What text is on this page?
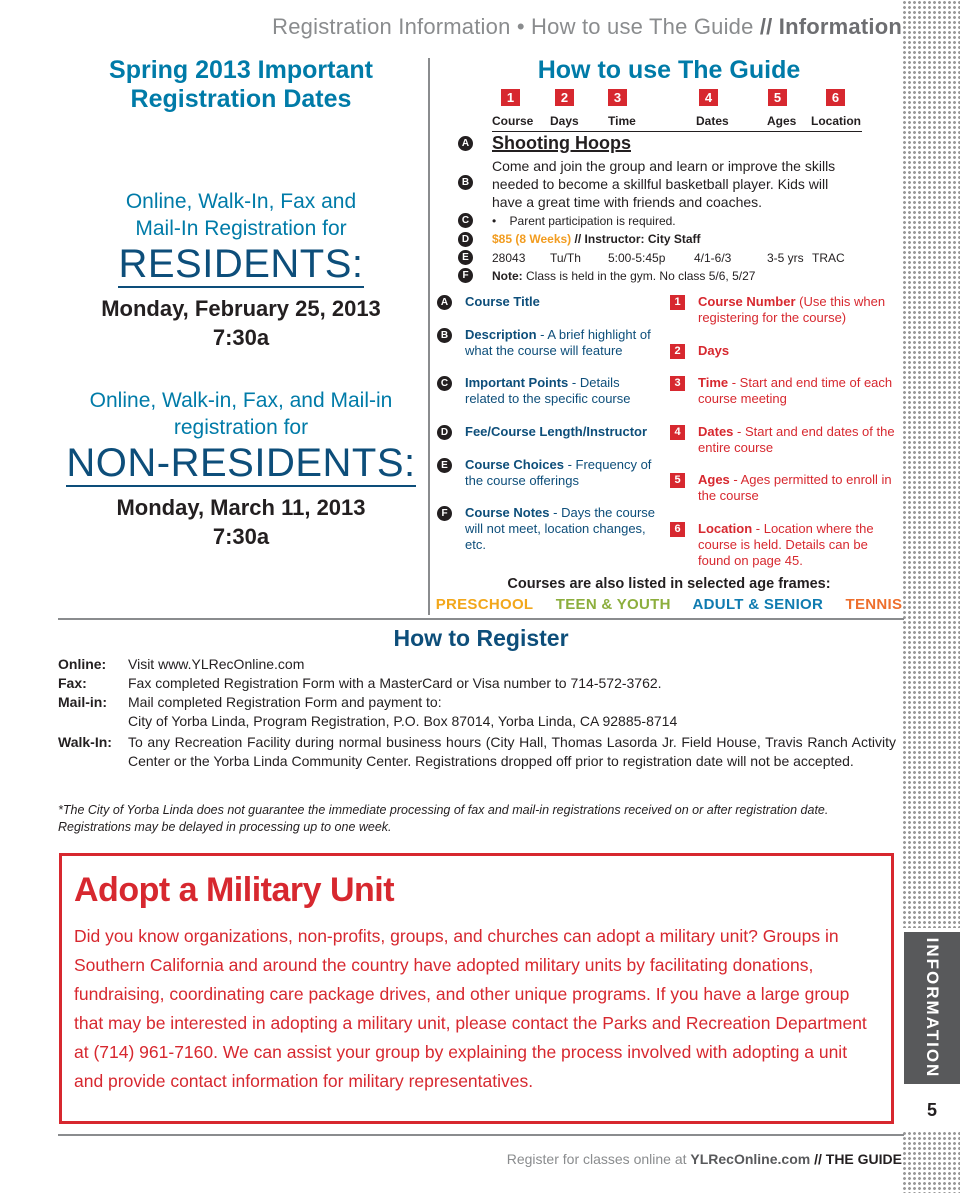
Registration Information • How to use The Guide // Information
Spring 2013 Important
Registration Dates
Online, Walk-In, Fax and
Mail-In Registration for
RESIDENTS:
Monday, February 25, 2013
7:30a
Online, Walk-in, Fax, and Mail-in
registration for
NON-RESIDENTS:
Monday, March 11, 2013
7:30a
How to use The Guide
1	2	3	4	5	6
Course Days Time	Dates	Ages Location
A
B
C
D
E
F
Shooting Hoops
Come and join the group and learn or improve the skills
needed to become a skillful basketball player. Kids will
have a great time with friends and coaches.
• Parent participation is required.
$85 (8 Weeks) // Instructor: City Staff
28043 Tu/Th 5:00-5:45p 4/1-6/3	3-5 yrs TRAC
Note: Class is held in the gym. No class 5/6, 5/27
A Course Title
B Description - A brief highlight of what the course will feature
C Important Points - Details related to the specific course
D Fee/Course Length/Instructor
E	Course Choices - Frequency of the course offerings
F	Course Notes - Days the course will not meet, location changes, etc.
1	Course Number (Use this when registering for the course)
2	Days
3	Time - Start and end time of each course meeting
4	Dates - Start and end dates of the entire course
5	Ages - Ages permitted to enroll in the course
6	Location - Location where the course is held. Details can be found on page 45.
Courses are also listed in selected age frames:
PRESCHOOL TEEN & YOUTH ADULT & SENIOR TENNIS
How to Register
Online: Visit www.YLRecOnline.com
Fax:	Fax completed Registration Form with a MasterCard or Visa number to 714-572-3762.
Mail-in: Mail completed Registration Form and payment to:
City of Yorba Linda, Program Registration, P.O. Box 87014, Yorba Linda, CA 92885-8714
Walk-In: To any Recreation Facility during normal business hours (City Hall, Thomas Lasorda Jr. Field House, Travis Ranch Activity Center or the Yorba Linda Community Center. Registrations dropped off prior to registration date will not be accepted.
*The City of Yorba Linda does not guarantee the immediate processing of fax and mail-in registrations received on or after registration date. Registrations may be delayed in processing up to one week.
Adopt a Military Unit
Did you know organizations, non-profits, groups, and churches can adopt a military unit? Groups in Southern California and around the country have adopted military units by facilitating donations, fundraising, coordinating care package drives, and other unique programs. If you have a large group that may be interested in adopting a military unit, please contact the Parks and Recreation Department at (714) 961-7160. We can assist your group by explaining the process involved with adopting a unit and provide contact information for military representatives.
INFORMATION
5
Register for classes online at YLRecOnline.com // THE GUIDE
